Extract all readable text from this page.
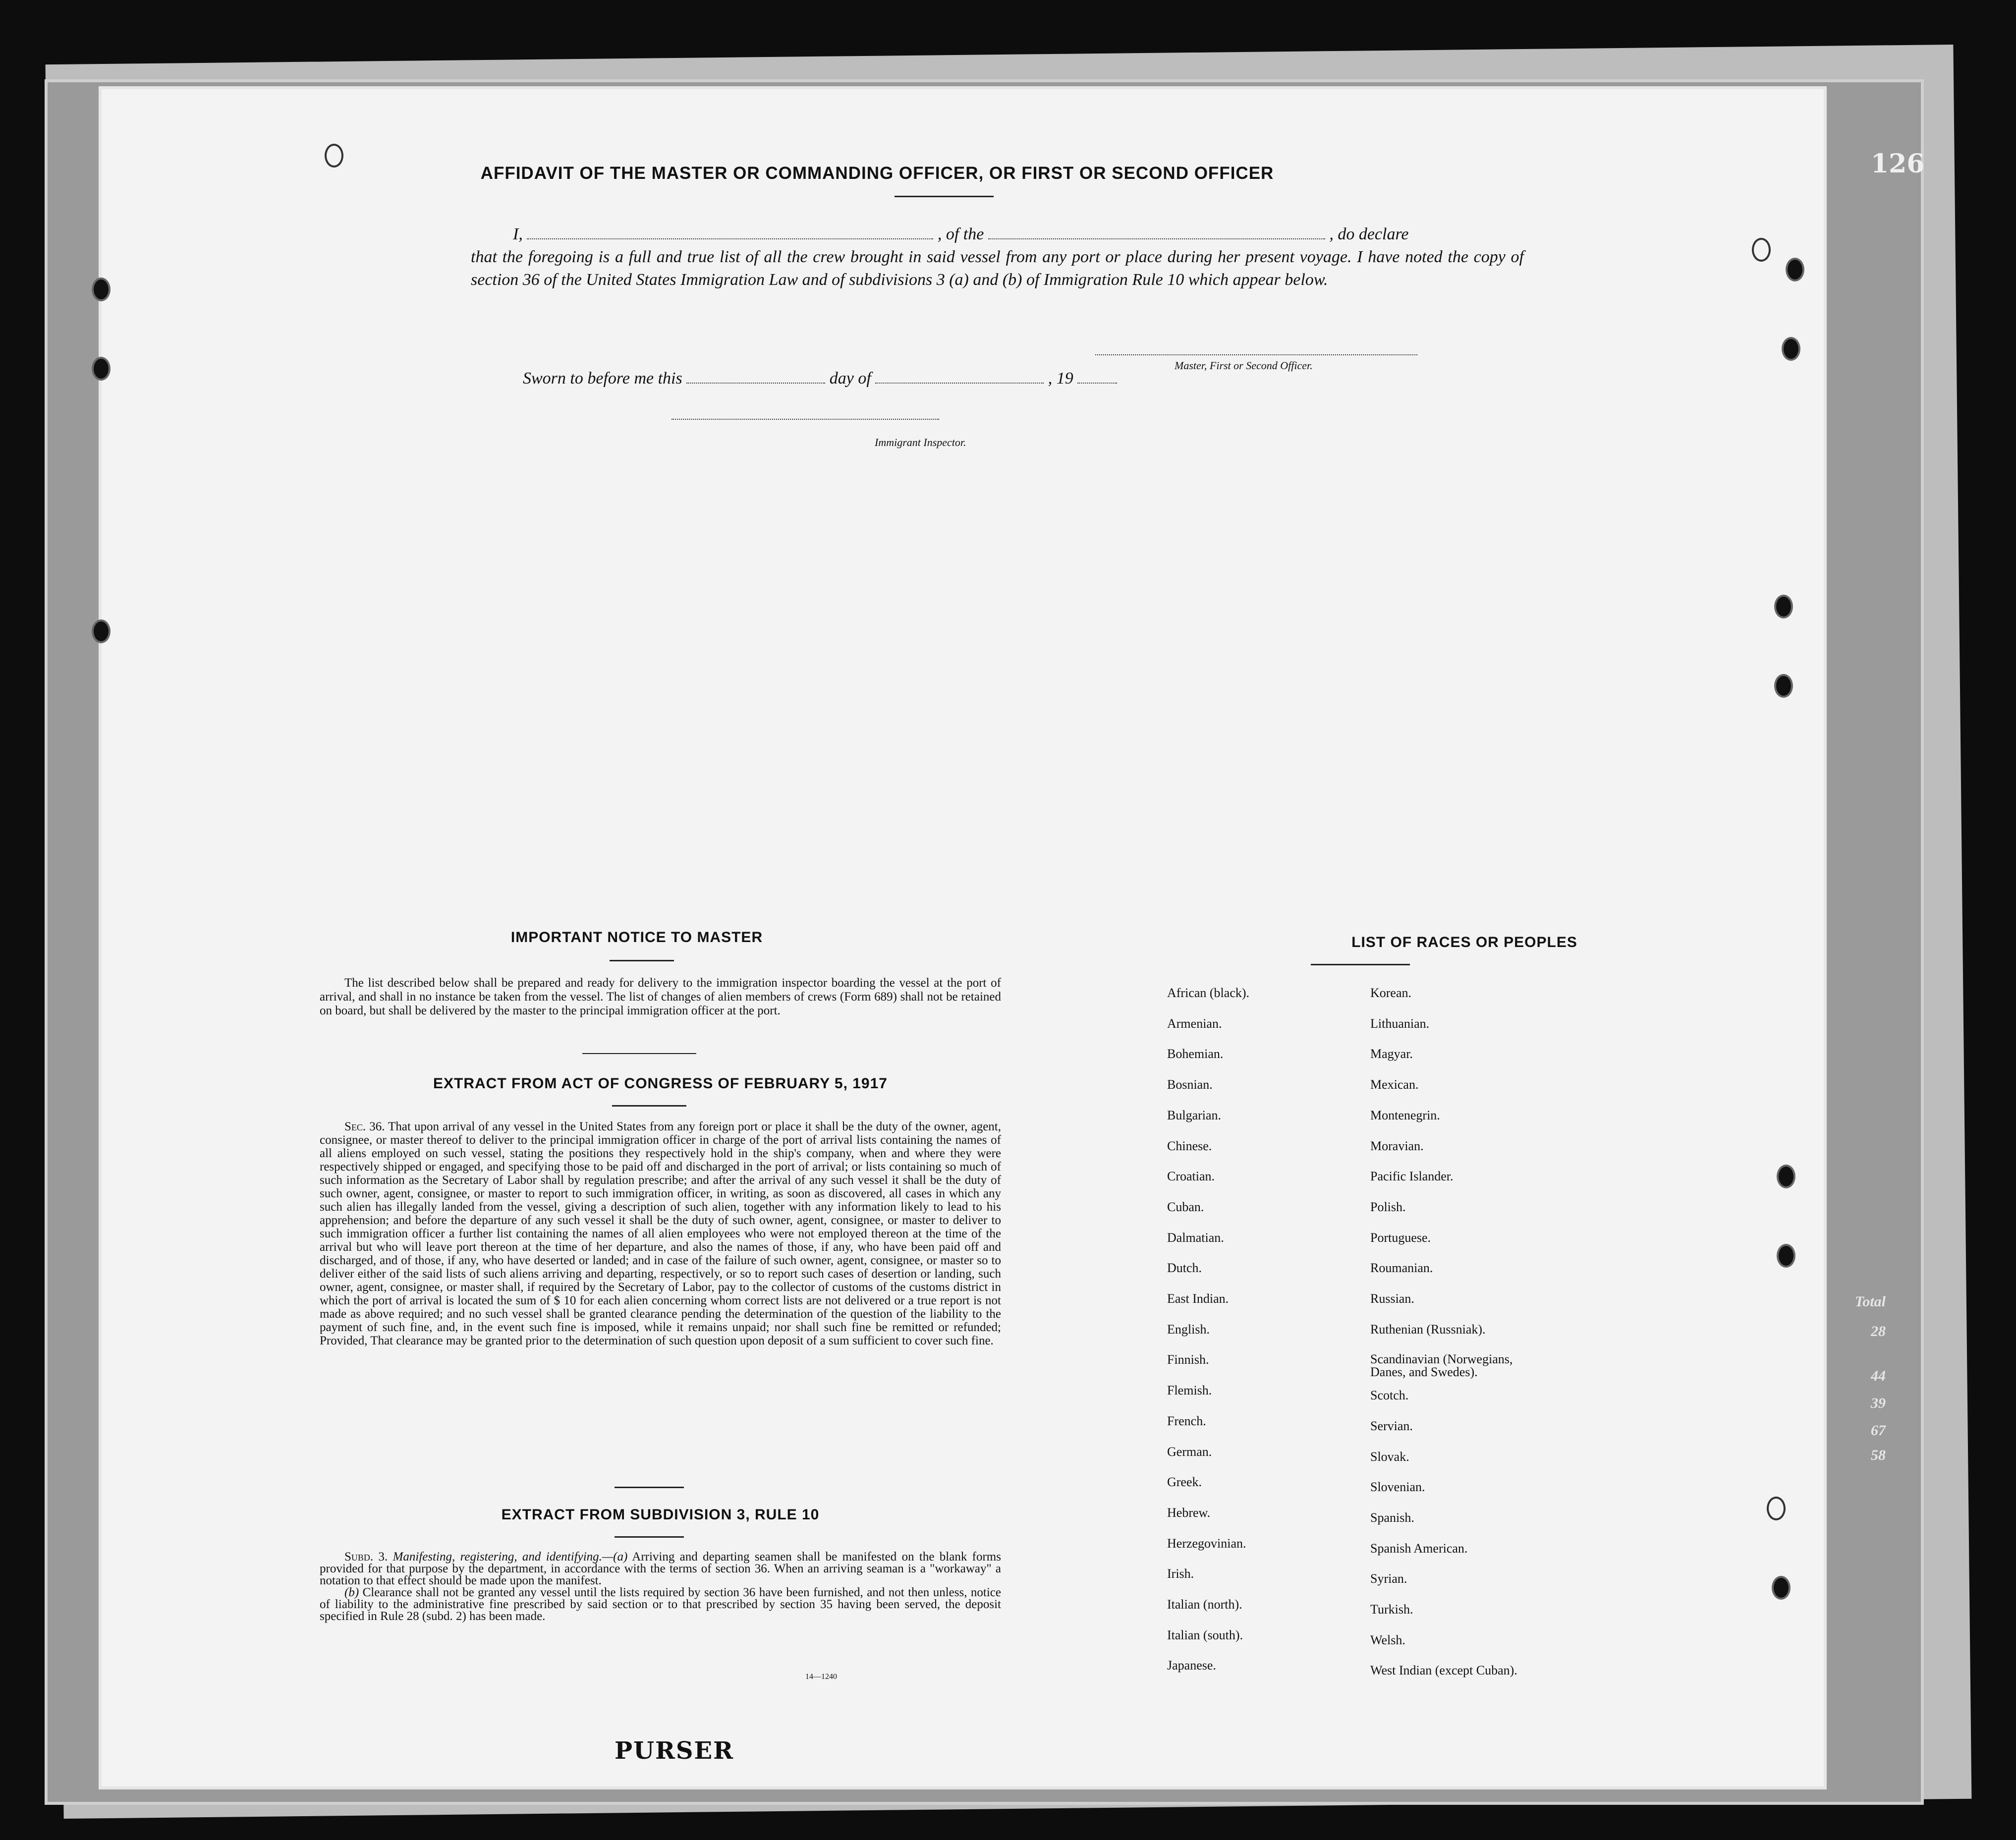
AFFIDAVIT OF THE MASTER OR COMMANDING OFFICER, OR FIRST OR SECOND OFFICER
I,	, of the	, do declare
that the foregoing is a full and true list of all the crew brought in said vessel from any port or place during her present voyage. I have noted the copy of section 36 of the United States Immigration Law and of subdivisions 3 (a) and (b) of Immigration Rule 10 which appear below.
Master, First or Second Officer.
Sworn to before me this	day of	, 19
Immigrant Inspector.
IMPORTANT NOTICE TO MASTER

The list described below shall be prepared and ready for delivery to the immigration inspector boarding the vessel at the port of arrival, and shall in no instance be taken from the vessel. The list of changes of alien members of crews (Form 689) shall not be retained on board, but shall be delivered by the master to the principal immigration officer at the port.

EXTRACT FROM ACT OF CONGRESS OF FEBRUARY 5, 1917

Sec. 36. That upon arrival of any vessel in the United States from any foreign port or place it shall be the duty of the owner, agent, consignee, or master thereof to deliver to the principal immigration officer in charge of the port of arrival lists containing the names of all aliens employed on such vessel, stating the positions they respectively hold in the ship's company, when and where they were respectively shipped or engaged, and specifying those to be paid off and discharged in the port of arrival; or lists containing so much of such information as the Secretary of Labor shall by regulation prescribe; and after the arrival of any such vessel it shall be the duty of such owner, agent, consignee, or master to report to such immigration officer, in writing, as soon as discovered, all cases in which any such alien has illegally landed from the vessel, giving a description of such alien, together with any information likely to lead to his apprehension; and before the departure of any such vessel it shall be the duty of such owner, agent, consignee, or master to deliver to such immigration officer a further list containing the names of all alien employees who were not employed thereon at the time of the arrival but who will leave port thereon at the time of her departure, and also the names of those, if any, who have been paid off and discharged, and of those, if any, who have deserted or landed; and in case of the failure of such owner, agent, consignee, or master so to deliver either of the said lists of such aliens arriving and departing, respectively, or so to report such cases of desertion or landing, such owner, agent, consignee, or master shall, if required by the Secretary of Labor, pay to the collector of customs of the customs district in which the port of arrival is located the sum of $ 10 for each alien concerning whom correct lists are not delivered or a true report is not made as above required; and no such vessel shall be granted clearance pending the determination of the question of the liability to the payment of such fine, and, in the event such fine is imposed, while it remains unpaid; nor shall such fine be remitted or refunded; Provided, That clearance may be granted prior to the determination of such question upon deposit of a sum sufficient to cover such fine.

EXTRACT FROM SUBDIVISION 3, RULE 10

Subd. 3. Manifesting, registering, and identifying.—(a) Arriving and departing seamen shall be manifested on the blank forms provided for that purpose by the department, in accordance with the terms of section 36. When an arriving seaman is a "workaway" a notation to that effect should be made upon the manifest.

(b) Clearance shall not be granted any vessel until the lists required by section 36 have been furnished, and not then unless, notice of liability to the administrative fine prescribed by said section or to that prescribed by section 35 having been served, the deposit specified in Rule 28 (subd. 2) has been made.

14—1240
LIST OF RACES OR PEOPLES
African (black).
Armenian.
Bohemian.
Bosnian.
Bulgarian.
Chinese.
Croatian.
Cuban.
Dalmatian.
Dutch.
East Indian.
English.
Finnish.
Flemish.
French.
German.
Greek.
Hebrew.
Herzegovinian.
Irish.
Italian (north).
Italian (south).
Japanese.
Korean.
Lithuanian.
Magyar.
Mexican.
Montenegrin.
Moravian.
Pacific Islander.
Polish.
Portuguese.
Roumanian.
Russian.
Ruthenian (Russniak).
Scandinavian (Norwegians, Danes, and Swedes).
Scotch.
Servian.
Slovak.
Slovenian.
Spanish.
Spanish American.
Syrian.
Turkish.
Welsh.
West Indian (except Cuban).
126
Total
28
44
39
67
58
PURSER
